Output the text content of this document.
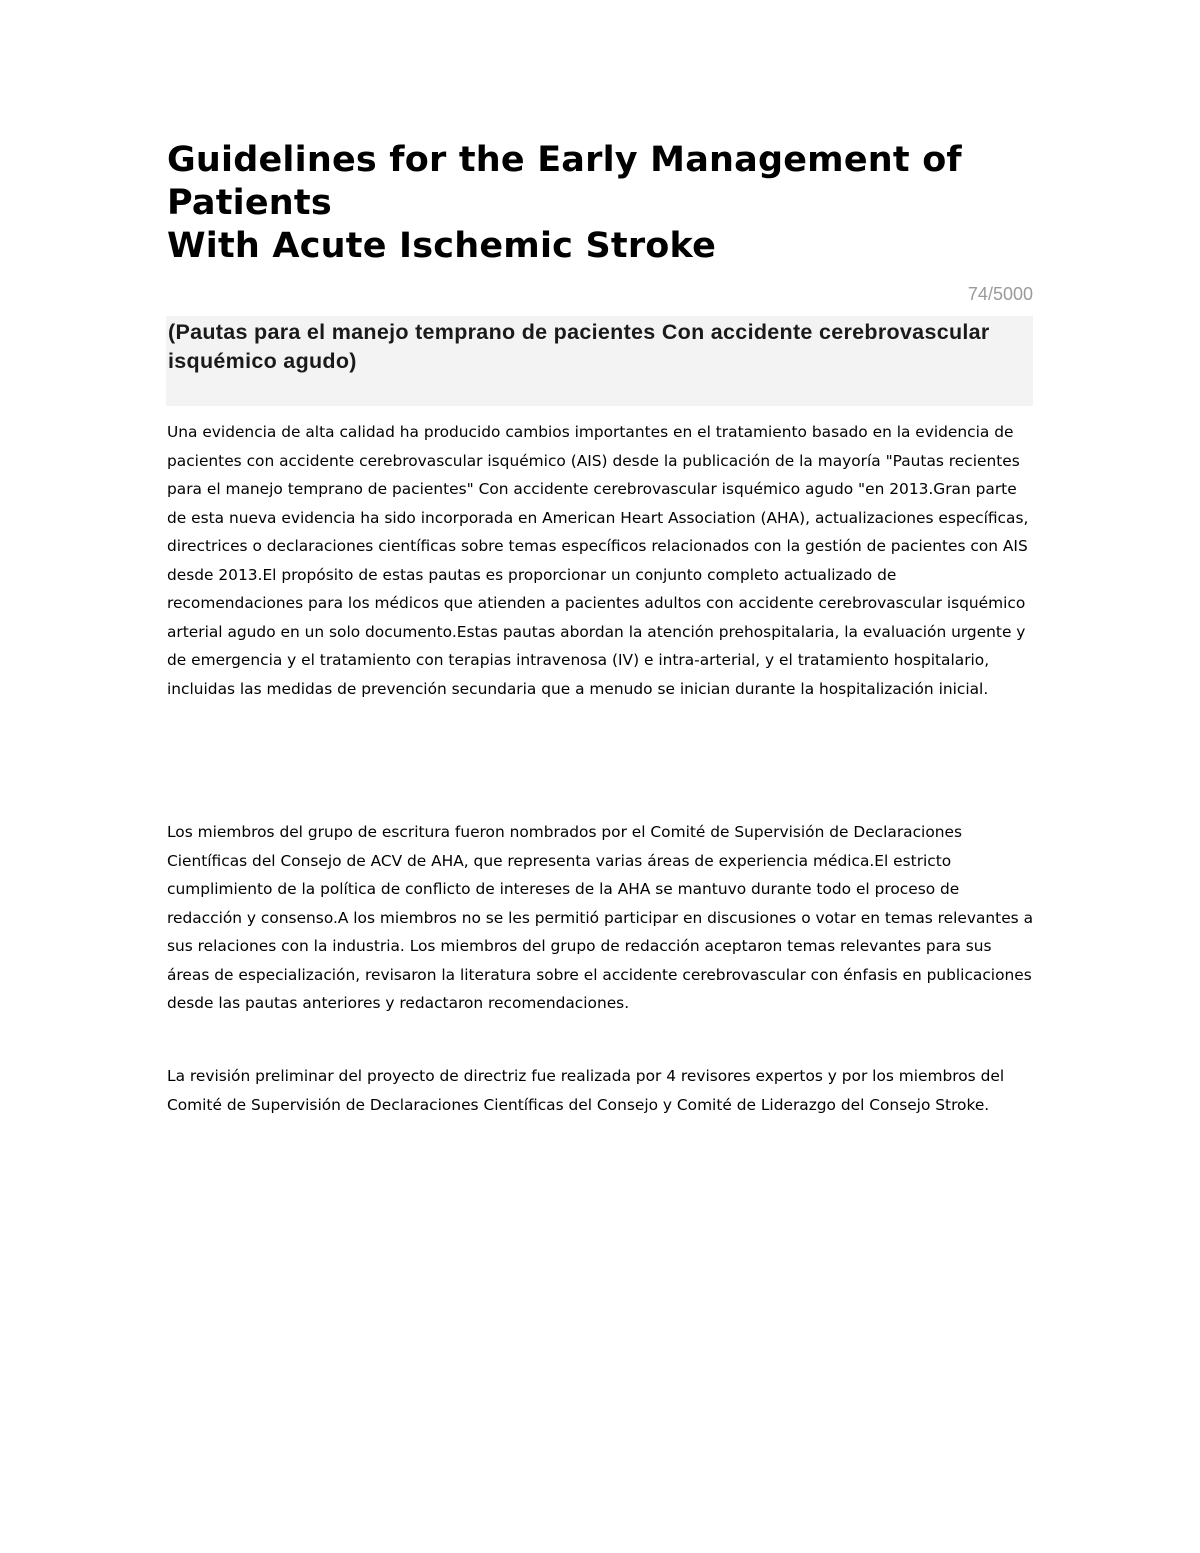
Guidelines for the Early Management of
Patients
With Acute Ischemic Stroke
74/5000

(Pautas para el manejo temprano de pacientes Con accidente cerebrovascular isquémico agudo)

Una evidencia de alta calidad ha producido cambios importantes en el tratamiento basado en la evidencia de pacientes con accidente cerebrovascular isquémico (AIS) desde la publicación de la mayoría "Pautas recientes para el manejo temprano de pacientes" Con accidente cerebrovascular isquémico agudo "en 2013.Gran parte de esta nueva evidencia ha sido incorporada en American Heart Association (AHA), actualizaciones específicas, directrices o declaraciones científicas sobre temas específicos relacionados con la gestión de pacientes con AIS desde 2013.El propósito de estas pautas es proporcionar un conjunto completo actualizado de recomendaciones para los médicos que atienden a pacientes adultos con accidente cerebrovascular isquémico arterial agudo en un solo documento.Estas pautas abordan la atención prehospitalaria, la evaluación urgente y de emergencia y el tratamiento con terapias intravenosa (IV) e intra-arterial, y el tratamiento hospitalario, incluidas las medidas de prevención secundaria que a menudo se inician durante la hospitalización inicial.

Los miembros del grupo de escritura fueron nombrados por el Comité de Supervisión de Declaraciones Científicas del Consejo de ACV de AHA, que representa varias áreas de experiencia médica.El estricto cumplimiento de la política de conflicto de intereses de la AHA se mantuvo durante todo el proceso de redacción y consenso.A los miembros no se les permitió participar en discusiones o votar en temas relevantes a sus relaciones con la industria. Los miembros del grupo de redacción aceptaron temas relevantes para sus áreas de especialización, revisaron la literatura sobre el accidente cerebrovascular con énfasis en publicaciones desde las pautas anteriores y redactaron recomendaciones.

La revisión preliminar del proyecto de directriz fue realizada por 4 revisores expertos y por los miembros del Comité de Supervisión de Declaraciones Científicas del Consejo y Comité de Liderazgo del Consejo Stroke.
